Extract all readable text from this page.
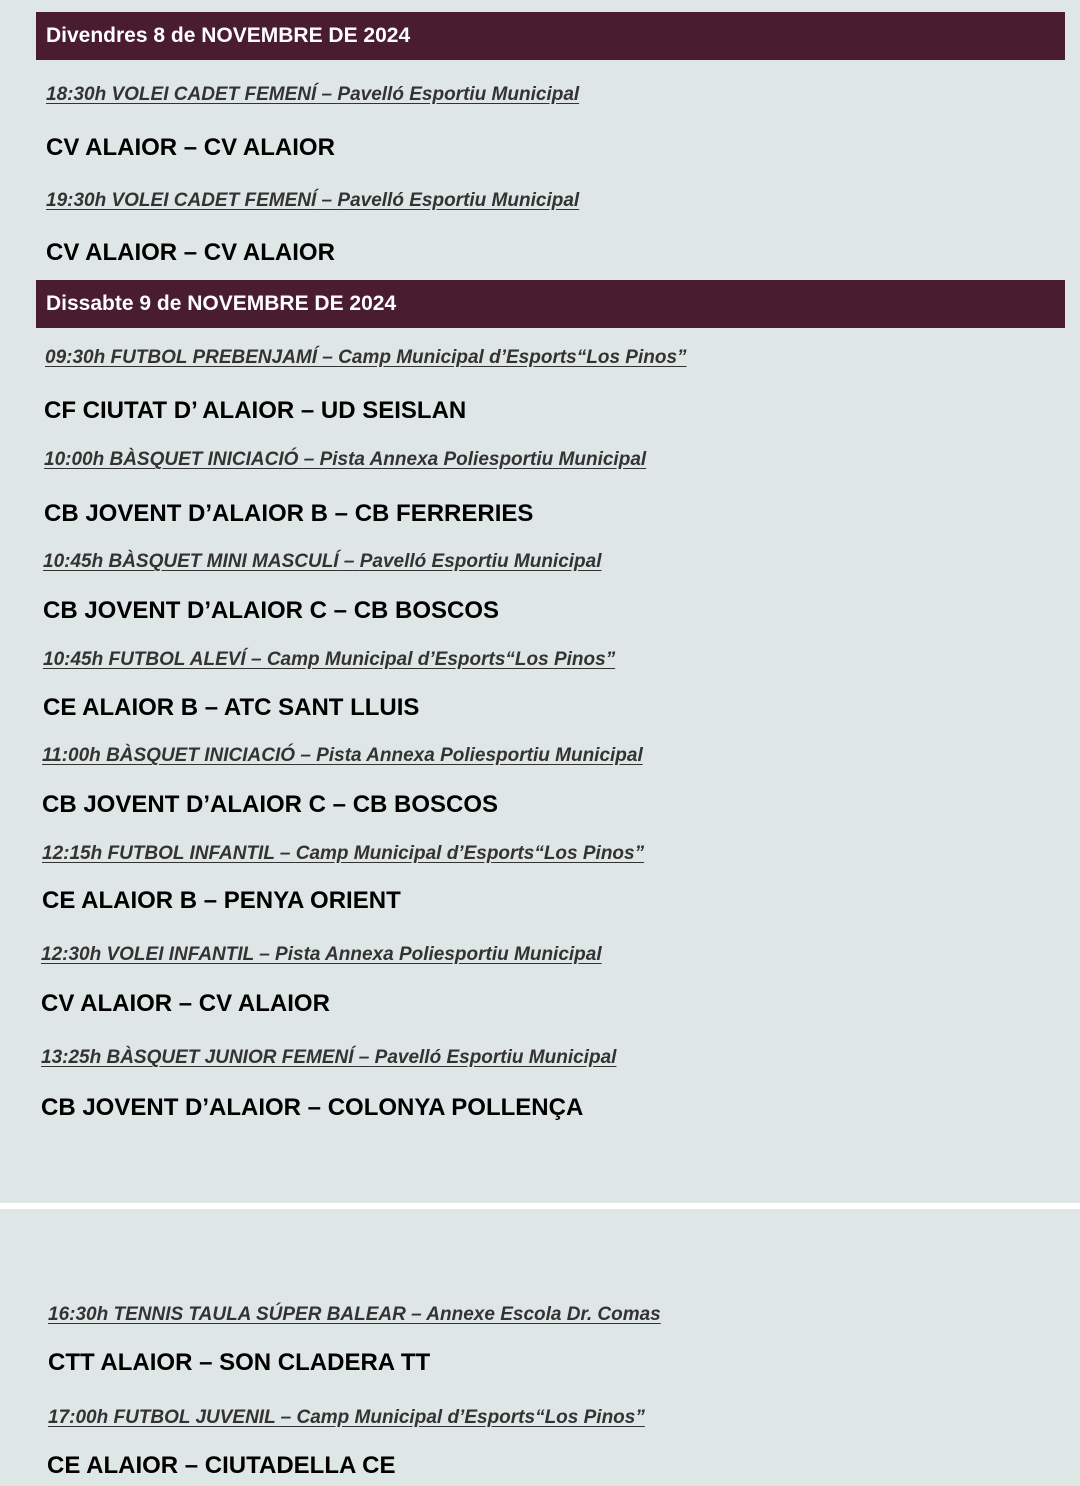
Divendres 8 de NOVEMBRE DE 2024
18:30h VOLEI CADET FEMENÍ – Pavelló Esportiu Municipal
CV ALAIOR – CV ALAIOR
19:30h VOLEI CADET FEMENÍ – Pavelló Esportiu Municipal
CV ALAIOR – CV ALAIOR
Dissabte 9 de NOVEMBRE DE 2024
09:30h FUTBOL PREBENJAMÍ – Camp Municipal d’Esports“Los Pinos”
CF CIUTAT D’ ALAIOR – UD SEISLAN
10:00h BÀSQUET INICIACIÓ – Pista Annexa Poliesportiu Municipal
CB JOVENT D’ALAIOR B – CB FERRERIES
10:45h BÀSQUET MINI MASCULÍ – Pavelló Esportiu Municipal
CB JOVENT D’ALAIOR C – CB BOSCOS
10:45h FUTBOL ALEVÍ – Camp Municipal d’Esports“Los Pinos”
CE ALAIOR B – ATC SANT LLUIS
11:00h BÀSQUET INICIACIÓ – Pista Annexa Poliesportiu Municipal
CB JOVENT D’ALAIOR C – CB BOSCOS
12:15h FUTBOL INFANTIL – Camp Municipal d’Esports“Los Pinos”
CE ALAIOR B – PENYA ORIENT
12:30h VOLEI INFANTIL – Pista Annexa Poliesportiu Municipal
CV ALAIOR – CV ALAIOR
13:25h BÀSQUET JUNIOR FEMENÍ – Pavelló Esportiu Municipal
CB JOVENT D’ALAIOR – COLONYA POLLENÇA
16:30h TENNIS TAULA SÚPER BALEAR – Annexe Escola Dr. Comas
CTT ALAIOR – SON CLADERA TT
17:00h FUTBOL JUVENIL – Camp Municipal d’Esports“Los Pinos”
CE ALAIOR – CIUTADELLA CE
